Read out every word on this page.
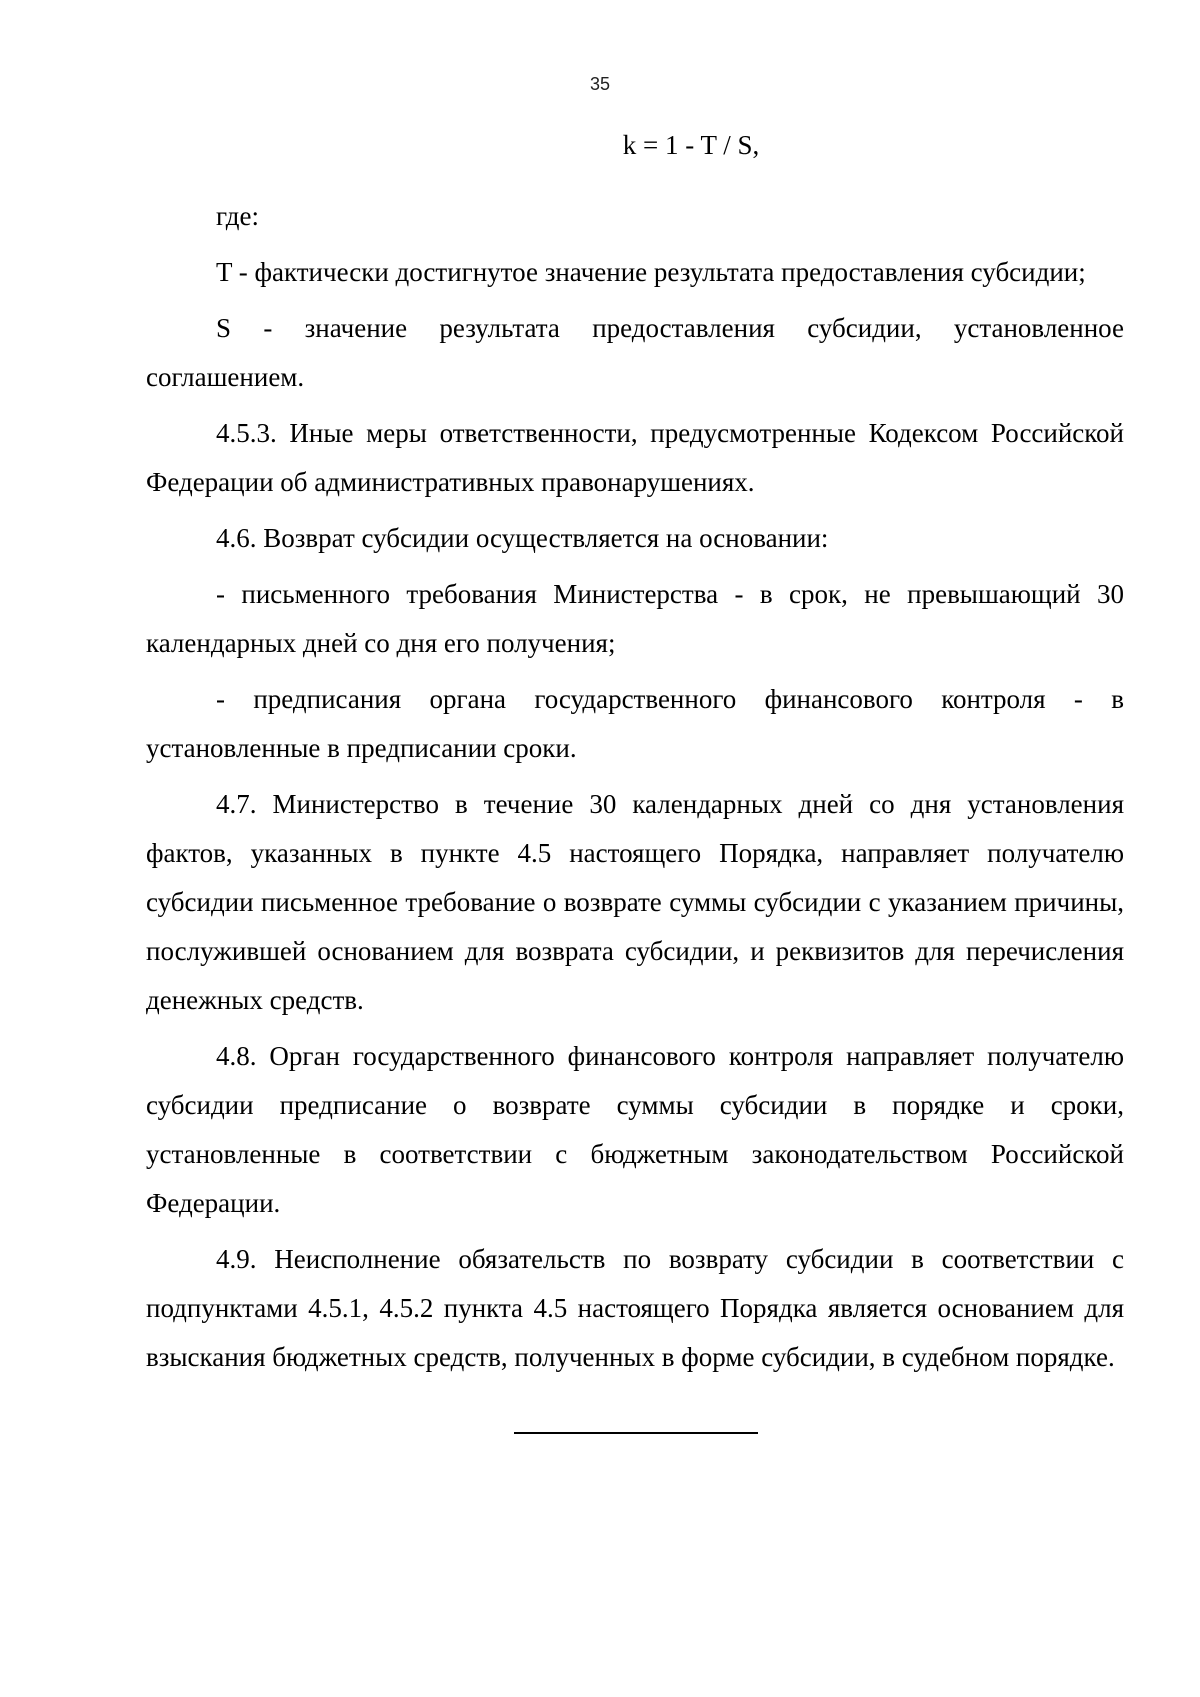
35
k = 1 - T / S,

где:

T - фактически достигнутое значение результата предоставления субсидии;

S - значение результата предоставления субсидии, установленное соглашением.

4.5.3. Иные меры ответственности, предусмотренные Кодексом Российской Федерации об административных правонарушениях.

4.6. Возврат субсидии осуществляется на основании:

- письменного требования Министерства - в срок, не превышающий 30 календарных дней со дня его получения;

- предписания органа государственного финансового контроля - в установленные в предписании сроки.

4.7. Министерство в течение 30 календарных дней со дня установления фактов, указанных в пункте 4.5 настоящего Порядка, направляет получателю субсидии письменное требование о возврате суммы субсидии с указанием причины, послужившей основанием для возврата субсидии, и реквизитов для перечисления денежных средств.

4.8. Орган государственного финансового контроля направляет получателю субсидии предписание о возврате суммы субсидии в порядке и сроки, установленные в соответствии с бюджетным законодательством Российской Федерации.

4.9. Неисполнение обязательств по возврату субсидии в соответствии с подпунктами 4.5.1, 4.5.2 пункта 4.5 настоящего Порядка является основанием для взыскания бюджетных средств, полученных в форме субсидии, в судебном порядке.
